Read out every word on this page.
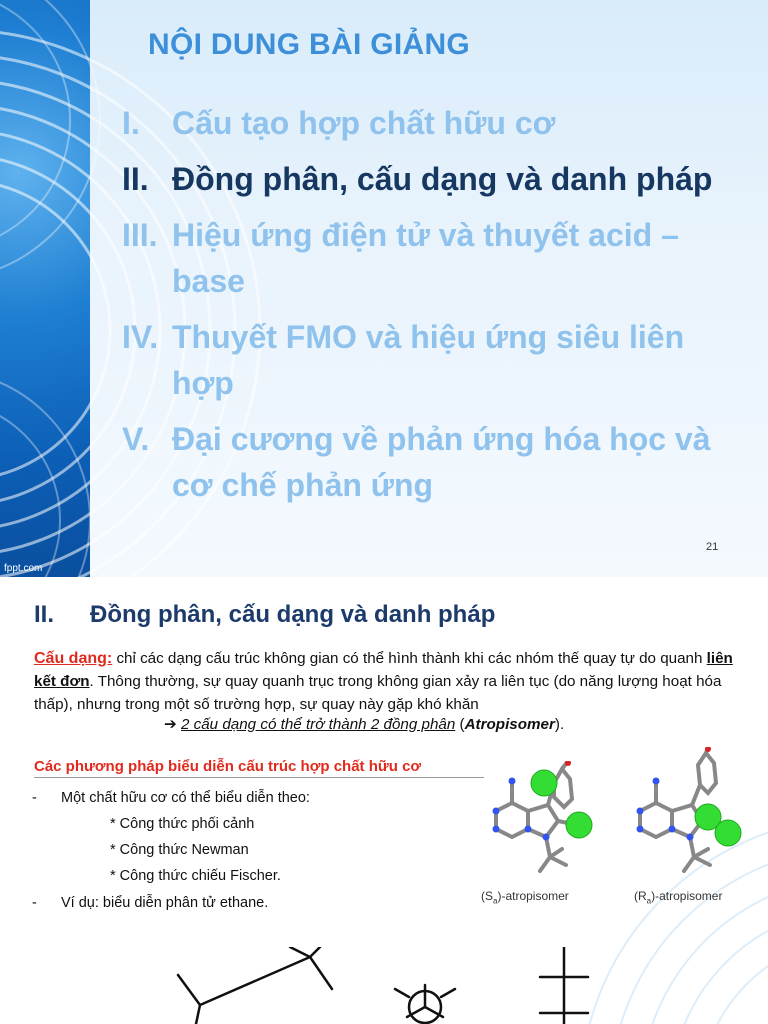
NỘI DUNG BÀI GIẢNG
I.	Cấu tạo hợp chất hữu cơ
II. Đồng phân, cấu dạng và danh pháp
III. Hiệu ứng điện tử và thuyết acid – base
IV. Thuyết FMO và hiệu ứng siêu liên hợp
V. Đại cương về phản ứng hóa học và cơ chế phản ứng
21
fppt.com
II. Đồng phân, cấu dạng và danh pháp
Cấu dạng: chỉ các dạng cấu trúc không gian có thể hình thành khi các nhóm thế quay tự do quanh liên kết đơn. Thông thường, sự quay quanh trục trong không gian xảy ra liên tục (do năng lượng hoạt hóa thấp), nhưng trong một số trường hợp, sự quay này gặp khó khăn
➔ 2 cấu dạng có thể trở thành 2 đồng phân (Atropisomer).
Các phương pháp biểu diễn cấu trúc hợp chất hữu cơ
- Một chất hữu cơ có thể biểu diễn theo:
* Công thức phối cảnh
* Công thức Newman
* Công thức chiếu Fischer.
- Ví dụ: biểu diễn phân tử ethane.	$(S_a)$-atropisomer	$(R_a)$-atropisomer
